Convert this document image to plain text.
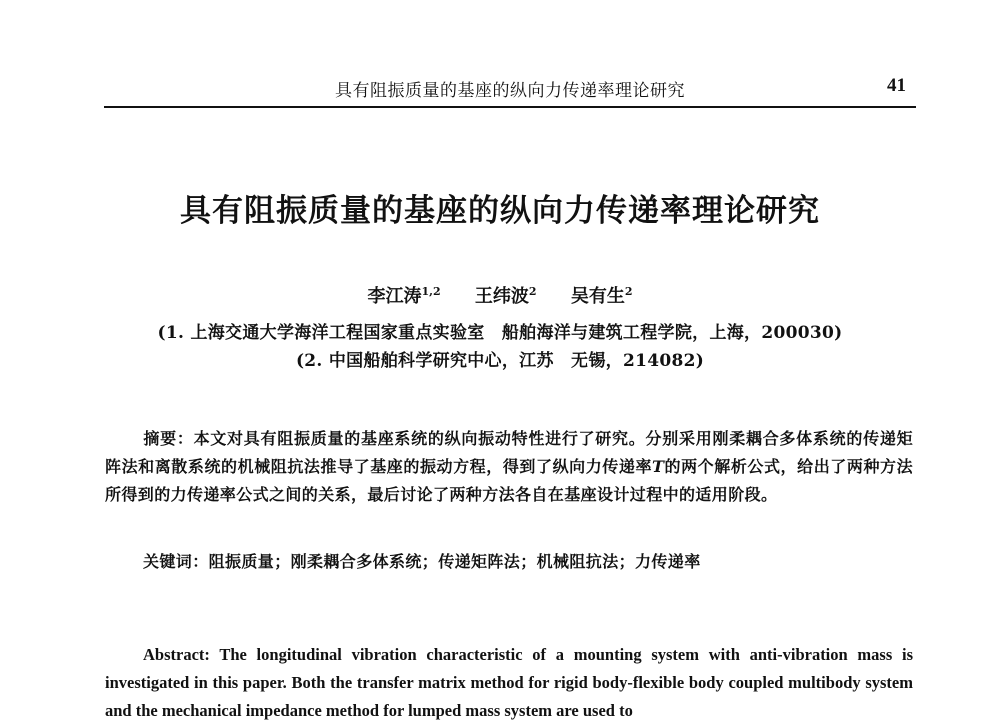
具有阻振质量的基座的纵向力传递率理论研究	41
具有阻振质量的基座的纵向力传递率理论研究
李江涛$^{1,2}$ 王纬波$^2$ 吴有生$^2$
(1. 上海交通大学海洋工程国家重点实验室　船舶海洋与建筑工程学院，上海，200030)
(2. 中国船舶科学研究中心，江苏　无锡，214082)
摘要：本文对具有阻振质量的基座系统的纵向振动特性进行了研究。分别采用刚柔耦合多体系统的传递矩阵法和离散系统的机械阻抗法推导了基座的振动方程，得到了纵向力传递率T的两个解析公式，给出了两种方法所得到的力传递率公式之间的关系，最后讨论了两种方法各自在基座设计过程中的适用阶段。
关键词：阻振质量；刚柔耦合多体系统；传递矩阵法；机械阻抗法；力传递率
Abstract: The longitudinal vibration characteristic of a mounting system with anti-vibration mass is investigated in this paper. Both the transfer matrix method for rigid body-flexible body coupled multibody system and the mechanical impedance method for lumped mass system are used to
